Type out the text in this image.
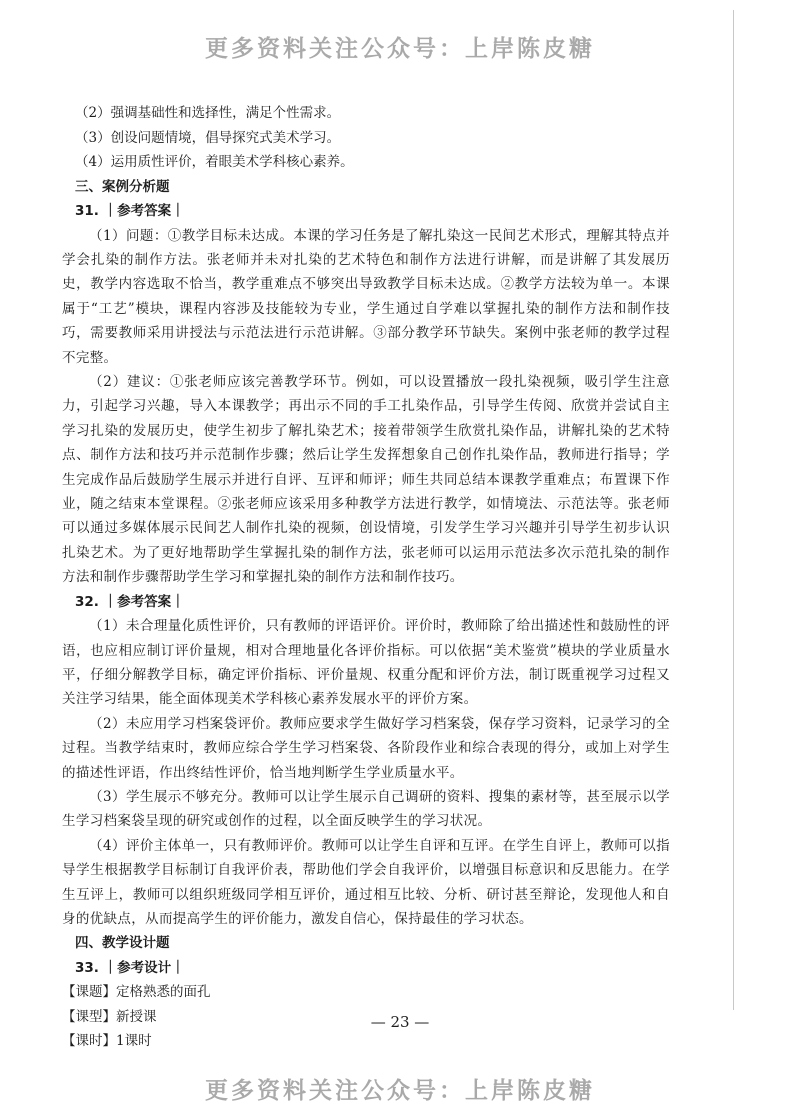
更多资料关注公众号：上岸陈皮糖

（2）强调基础性和选择性，满足个性需求。

（3）创设问题情境，倡导探究式美术学习。

（4）运用质性评价，着眼美术学科核心素养。

三、案例分析题

31. ｜参考答案｜

（1）问题：①教学目标未达成。本课的学习任务是了解扎染这一民间艺术形式，理解其特点并学会扎染的制作方法。张老师并未对扎染的艺术特色和制作方法进行讲解，而是讲解了其发展历史，教学内容选取不恰当，教学重难点不够突出导致教学目标未达成。②教学方法较为单一。本课属于“工艺”模块，课程内容涉及技能较为专业，学生通过自学难以掌握扎染的制作方法和制作技巧，需要教师采用讲授法与示范法进行示范讲解。③部分教学环节缺失。案例中张老师的教学过程不完整。

（2）建议：①张老师应该完善教学环节。例如，可以设置播放一段扎染视频，吸引学生注意力，引起学习兴趣，导入本课教学；再出示不同的手工扎染作品，引导学生传阅、欣赏并尝试自主学习扎染的发展历史，使学生初步了解扎染艺术；接着带领学生欣赏扎染作品，讲解扎染的艺术特点、制作方法和技巧并示范制作步骤；然后让学生发挥想象自己创作扎染作品，教师进行指导；学生完成作品后鼓励学生展示并进行自评、互评和师评；师生共同总结本课教学重难点；布置课下作业，随之结束本堂课程。②张老师应该采用多种教学方法进行教学，如情境法、示范法等。张老师可以通过多媒体展示民间艺人制作扎染的视频，创设情境，引发学生学习兴趣并引导学生初步认识扎染艺术。为了更好地帮助学生掌握扎染的制作方法，张老师可以运用示范法多次示范扎染的制作方法和制作步骤帮助学生学习和掌握扎染的制作方法和制作技巧。

32. ｜参考答案｜

（1）未合理量化质性评价，只有教师的评语评价。评价时，教师除了给出描述性和鼓励性的评语，也应相应制订评价量规，相对合理地量化各评价指标。可以依据“美术鉴赏”模块的学业质量水平，仔细分解教学目标，确定评价指标、评价量规、权重分配和评价方法，制订既重视学习过程又关注学习结果，能全面体现美术学科核心素养发展水平的评价方案。

（2）未应用学习档案袋评价。教师应要求学生做好学习档案袋，保存学习资料，记录学习的全过程。当教学结束时，教师应综合学生学习档案袋、各阶段作业和综合表现的得分，或加上对学生的描述性评语，作出终结性评价，恰当地判断学生学业质量水平。

（3）学生展示不够充分。教师可以让学生展示自己调研的资料、搜集的素材等，甚至展示以学生学习档案袋呈现的研究或创作的过程，以全面反映学生的学习状况。

（4）评价主体单一，只有教师评价。教师可以让学生自评和互评。在学生自评上，教师可以指导学生根据教学目标制订自我评价表，帮助他们学会自我评价，以增强目标意识和反思能力。在学生互评上，教师可以组织班级同学相互评价，通过相互比较、分析、研讨甚至辩论，发现他人和自身的优缺点，从而提高学生的评价能力，激发自信心，保持最佳的学习状态。

四、教学设计题

33. ｜参考设计｜

【课题】定格熟悉的面孔

【课型】新授课

【课时】1课时

— 23 —
更多资料关注公众号：上岸陈皮糖
